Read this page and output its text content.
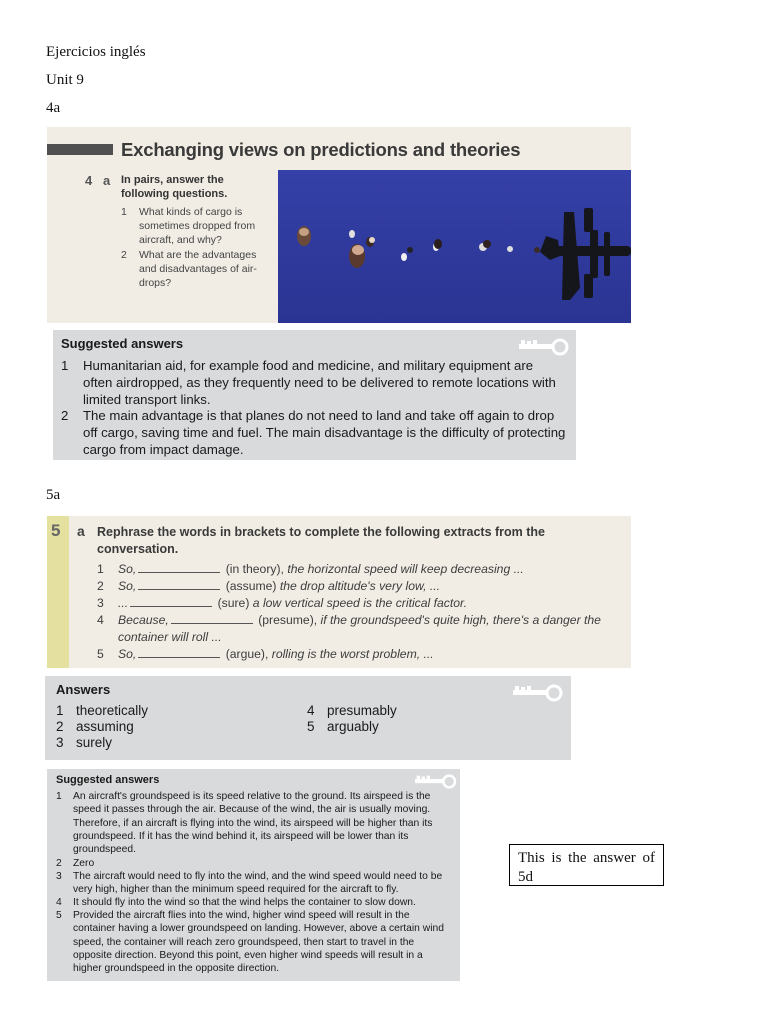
Ejercicios inglés
Unit 9
4a
Exchanging views on predictions and theories
4 a In pairs, answer the following questions.
1 What kinds of cargo is sometimes dropped from aircraft, and why?
2 What are the advantages and disadvantages of air-drops?
Suggested answers
1 Humanitarian aid, for example food and medicine, and military equipment are often airdropped, as they frequently need to be delivered to remote locations with limited transport links.
2 The main advantage is that planes do not need to land and take off again to drop off cargo, saving time and fuel. The main disadvantage is the difficulty of protecting cargo from impact damage.
5a
5 a Rephrase the words in brackets to complete the following extracts from the conversation.
1 So,	(in theory), the horizontal speed will keep decreasing ...
2 So,	(assume) the drop altitude's very low, ...
3 ...	(sure) a low vertical speed is the critical factor.
4 Because,	(presume), if the groundspeed's quite high, there's a danger the container will roll ...
5 So,	(argue), rolling is the worst problem, ...
Answers
1 theoretically
2 assuming
3 surely
4 presumably
5 arguably
Suggested answers
1 An aircraft's groundspeed is its speed relative to the ground. Its airspeed is the speed it passes through the air. Because of the wind, the air is usually moving. Therefore, if an aircraft is flying into the wind, its airspeed will be higher than its groundspeed. If it has the wind behind it, its airspeed will be lower than its groundspeed.
2 Zero
3 The aircraft would need to fly into the wind, and the wind speed would need to be very high, higher than the minimum speed required for the aircraft to fly.
4 It should fly into the wind so that the wind helps the container to slow down.
5 Provided the aircraft flies into the wind, higher wind speed will result in the container having a lower groundspeed on landing. However, above a certain wind speed, the container will reach zero groundspeed, then start to travel in the opposite direction. Beyond this point, even higher wind speeds will result in a higher groundspeed in the opposite direction.
This is the answer of 5d
